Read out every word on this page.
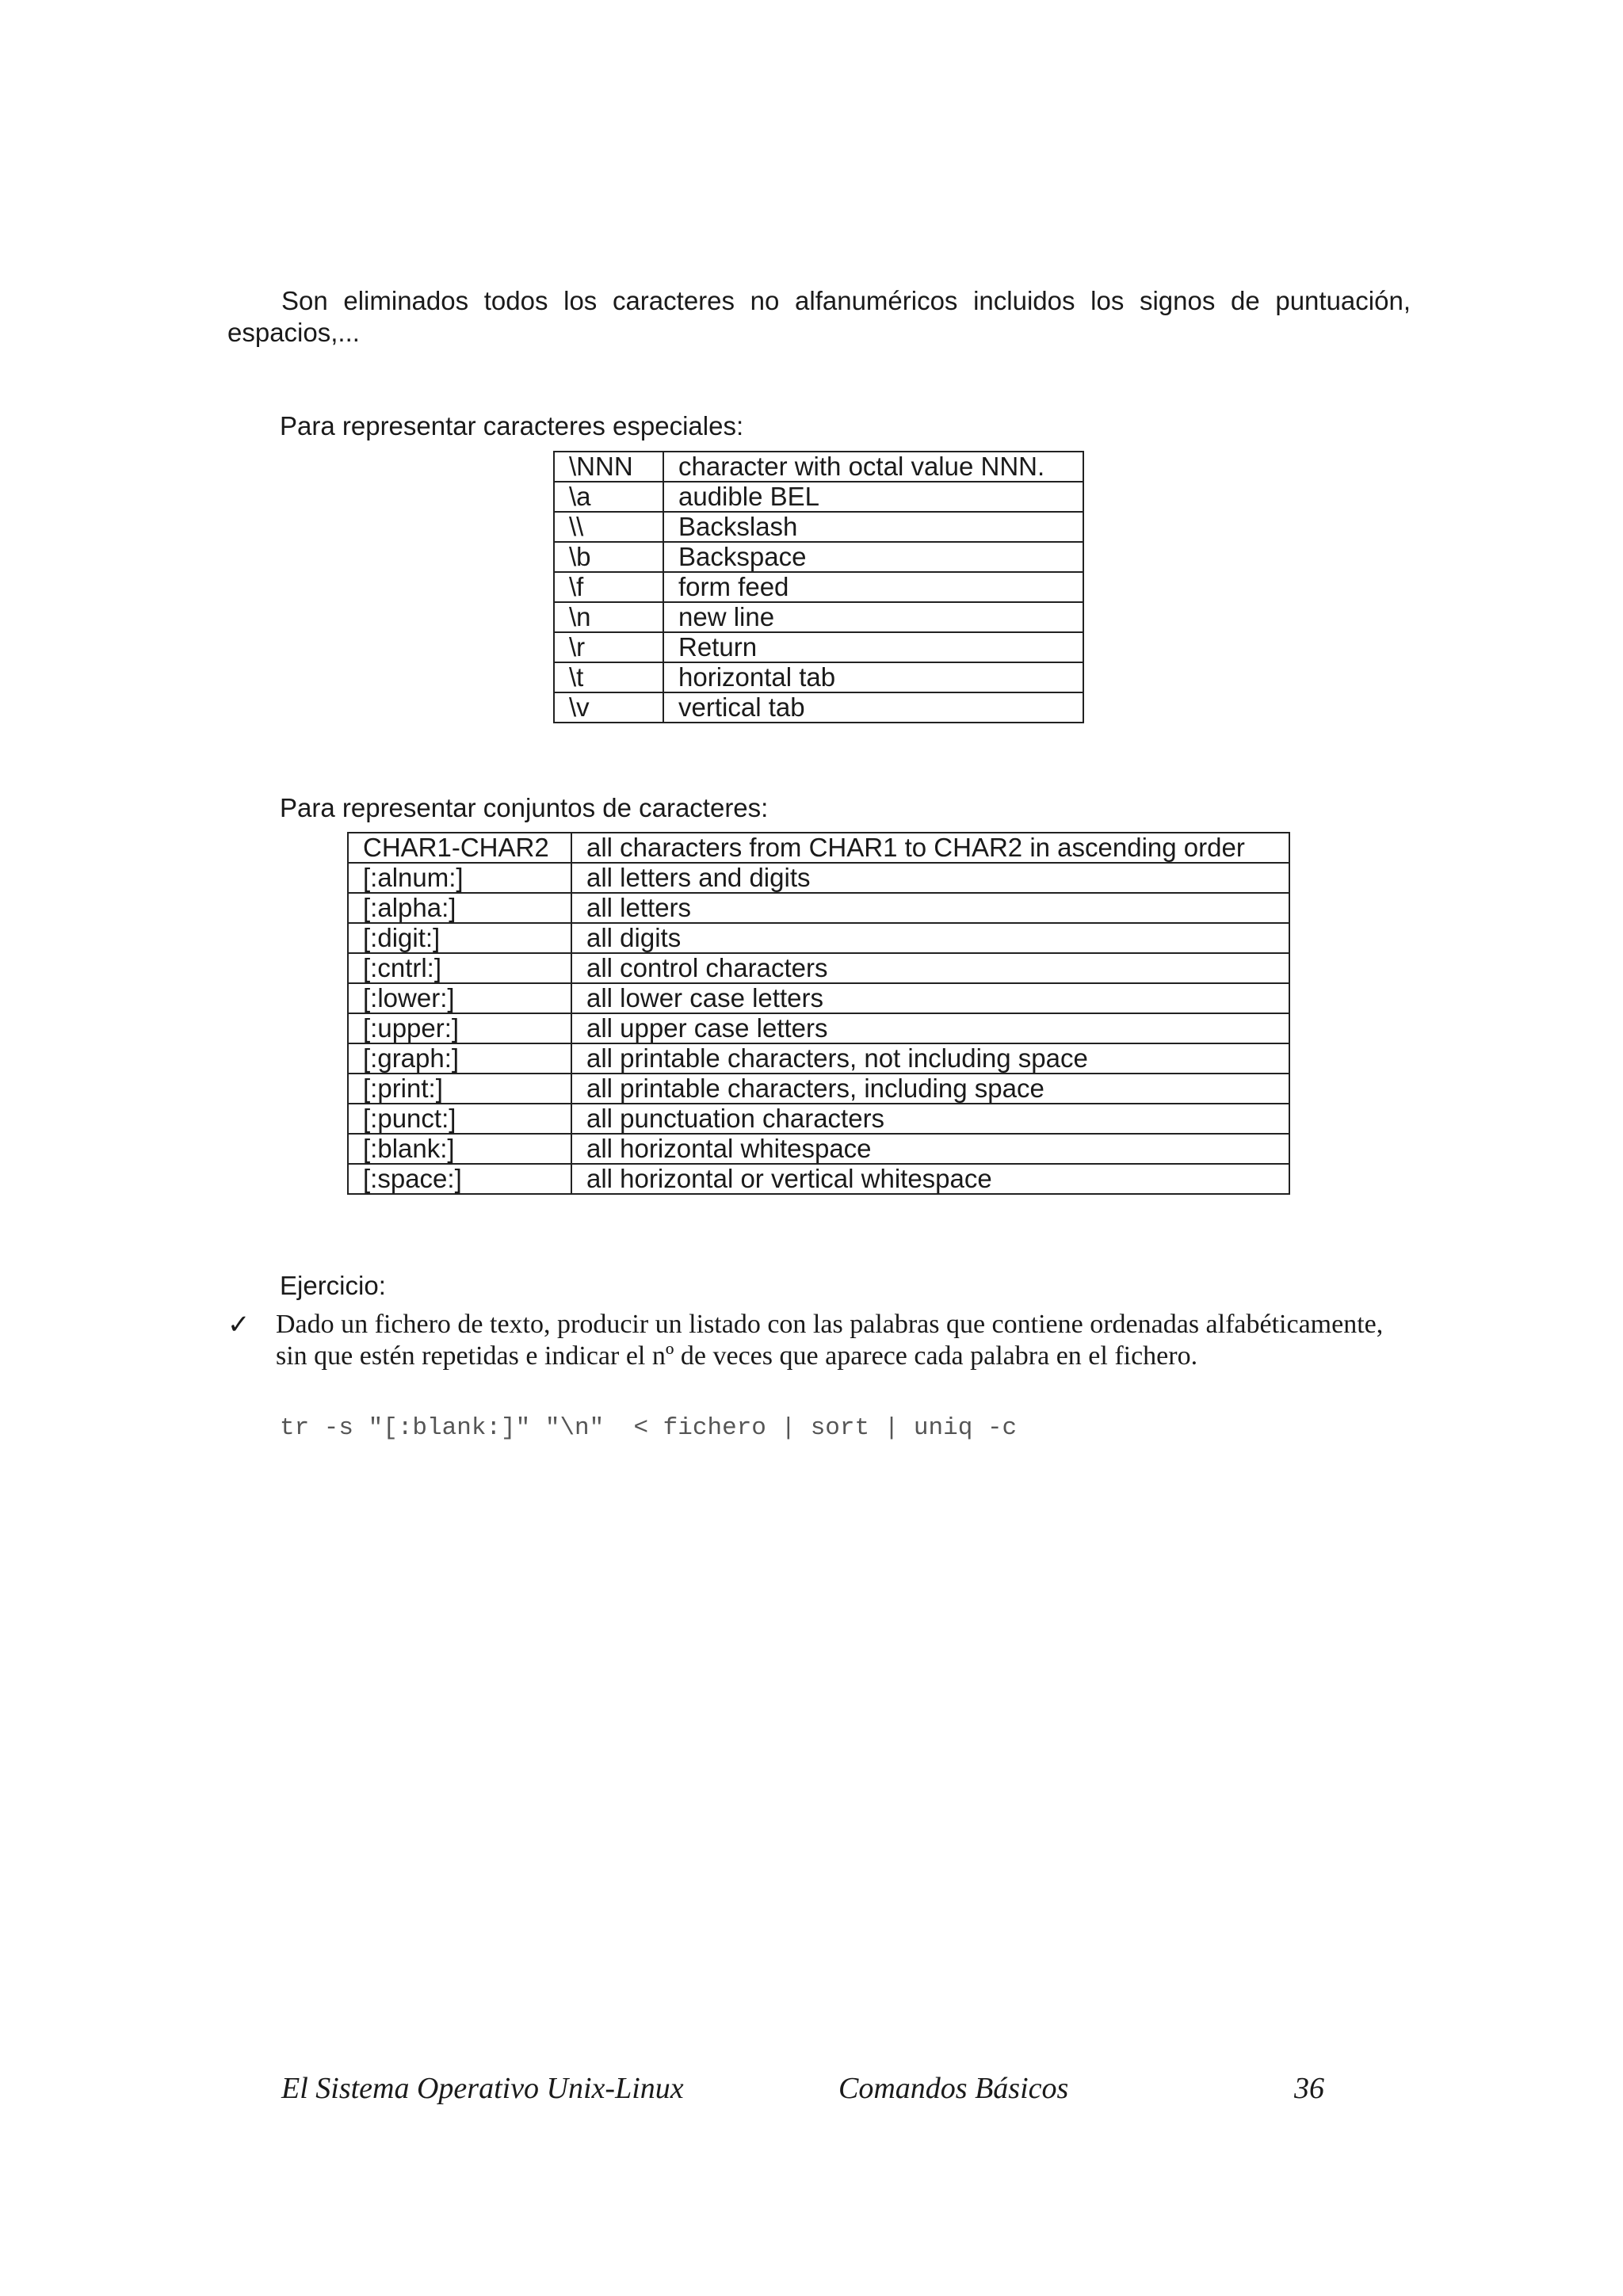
Son eliminados todos los caracteres no alfanuméricos incluidos los signos de puntuación, espacios,...
Para representar caracteres especiales:
\NNN	character with octal value NNN.
\a	audible BEL
\\	Backslash
\b	Backspace
\f	form feed
\n	new line
\r	Return
\t	horizontal tab
\v	vertical tab
Para representar conjuntos de caracteres:
CHAR1-CHAR2	all characters from CHAR1 to CHAR2 in ascending order
[:alnum:]	all letters and digits
[:alpha:]	all letters
[:digit:]	all digits
[:cntrl:]	all control characters
[:lower:]	all lower case letters
[:upper:]	all upper case letters
[:graph:]	all printable characters, not including space
[:print:]	all printable characters, including space
[:punct:]	all punctuation characters
[:blank:]	all horizontal whitespace
[:space:]	all horizontal or vertical whitespace
Ejercicio:
✓ Dado un fichero de texto, producir un listado con las palabras que contiene ordenadas alfabéticamente, sin que estén repetidas e indicar el nº de veces que aparece cada palabra en el fichero.
tr -s "[:blank:]" "\n"  < fichero | sort | uniq -c
El Sistema Operativo Unix-Linux	Comandos Básicos	36
